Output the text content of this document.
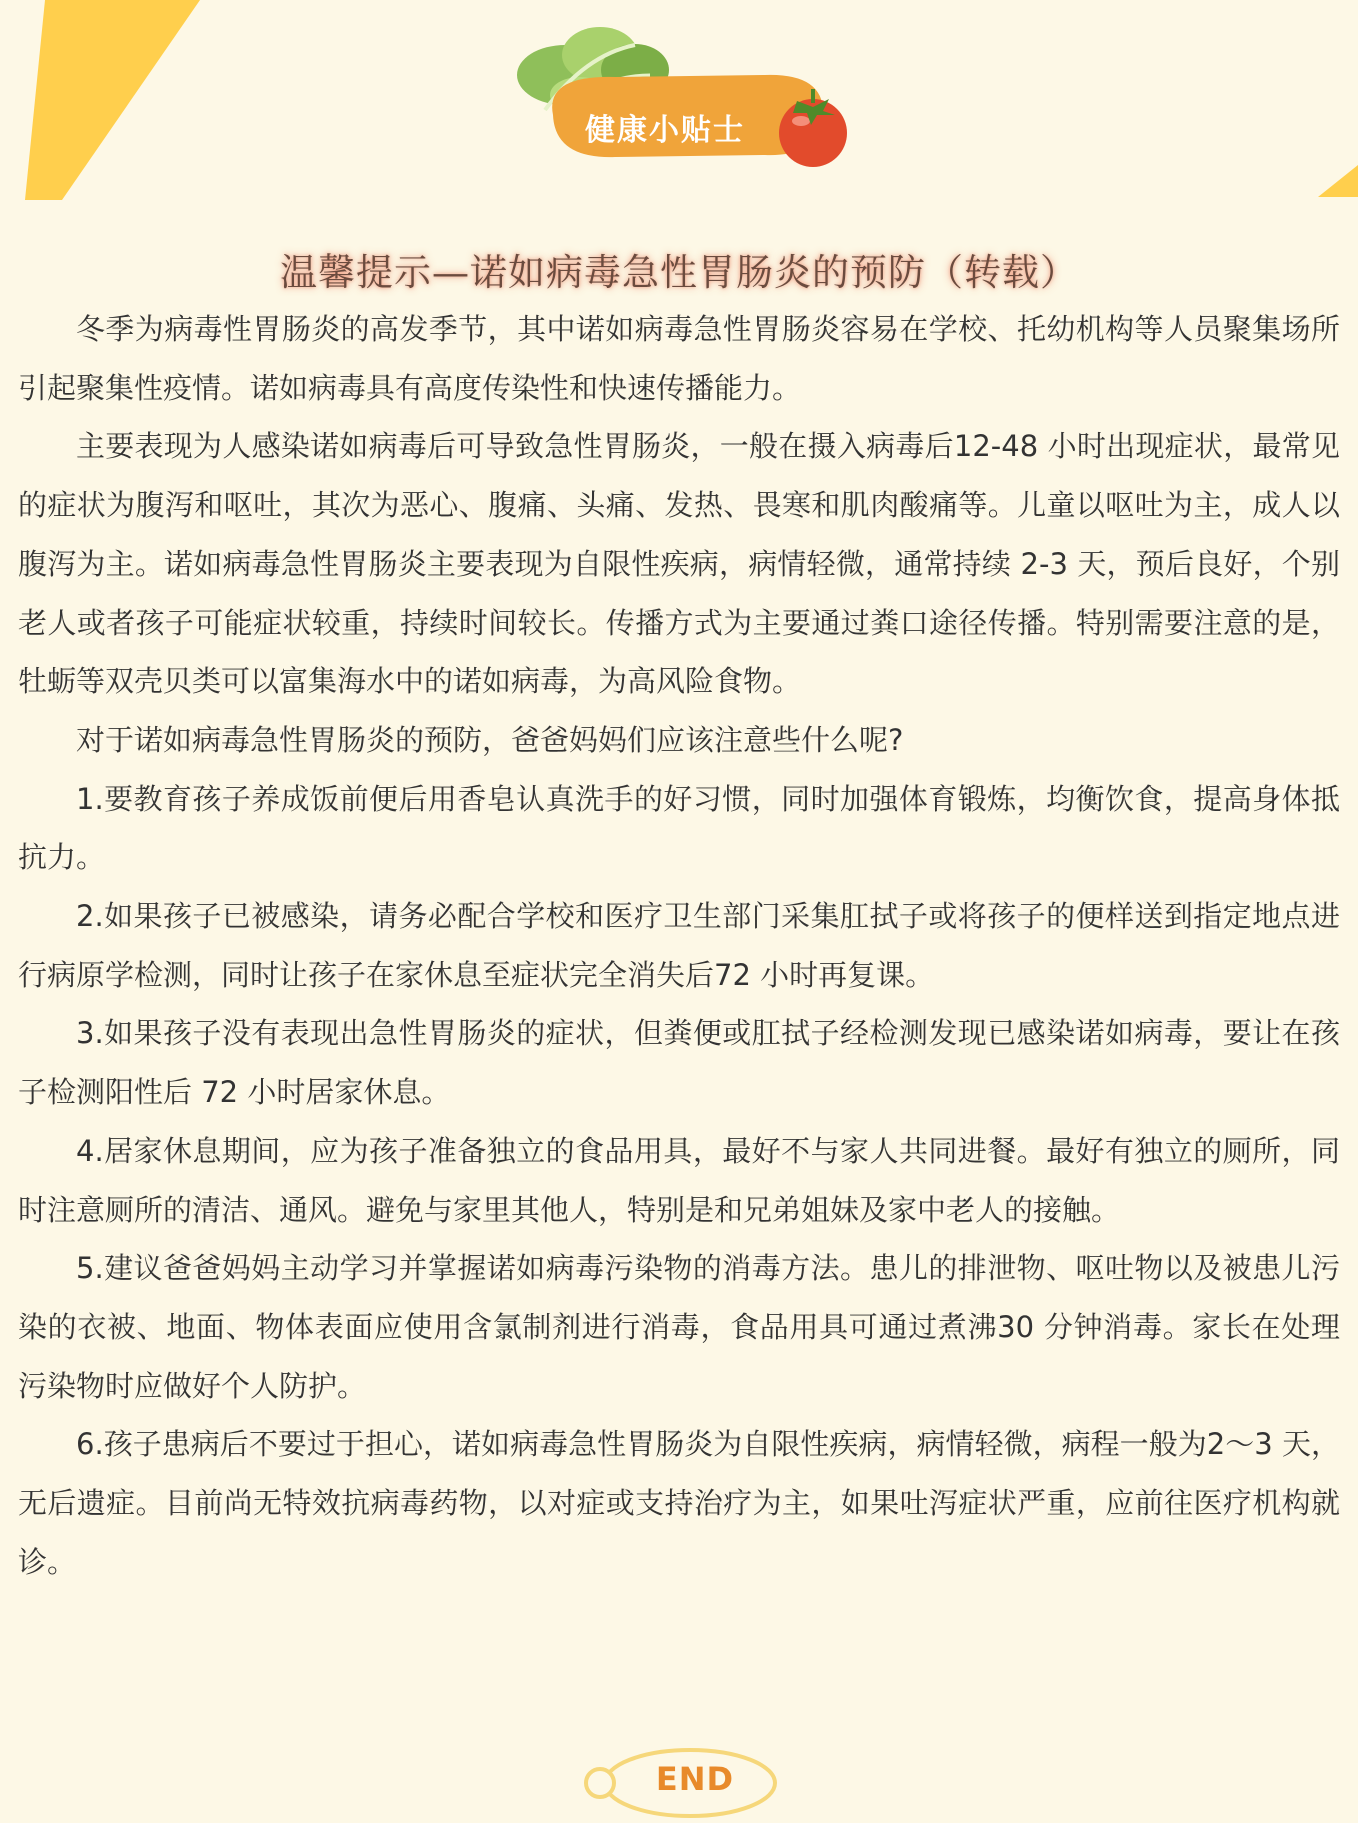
健康小贴士
温馨提示—诺如病毒急性胃肠炎的预防（转载）

冬季为病毒性胃肠炎的高发季节，其中诺如病毒急性胃肠炎容易在学校、托幼机构等人员聚集场所引起聚集性疫情。诺如病毒具有高度传染性和快速传播能力。

主要表现为人感染诺如病毒后可导致急性胃肠炎，一般在摄入病毒后12-48 小时出现症状，最常见的症状为腹泻和呕吐，其次为恶心、腹痛、头痛、发热、畏寒和肌肉酸痛等。儿童以呕吐为主，成人以腹泻为主。诺如病毒急性胃肠炎主要表现为自限性疾病，病情轻微，通常持续 2-3 天，预后良好，个别老人或者孩子可能症状较重，持续时间较长。传播方式为主要通过粪口途径传播。特别需要注意的是，牡蛎等双壳贝类可以富集海水中的诺如病毒，为高风险食物。

对于诺如病毒急性胃肠炎的预防，爸爸妈妈们应该注意些什么呢?

1.要教育孩子养成饭前便后用香皂认真洗手的好习惯，同时加强体育锻炼，均衡饮食，提高身体抵抗力。

2.如果孩子已被感染，请务必配合学校和医疗卫生部门采集肛拭子或将孩子的便样送到指定地点进行病原学检测，同时让孩子在家休息至症状完全消失后72 小时再复课。

3.如果孩子没有表现出急性胃肠炎的症状，但粪便或肛拭子经检测发现已感染诺如病毒，要让在孩子检测阳性后 72 小时居家休息。

4.居家休息期间，应为孩子准备独立的食品用具，最好不与家人共同进餐。最好有独立的厕所，同时注意厕所的清洁、通风。避免与家里其他人，特别是和兄弟姐妹及家中老人的接触。

5.建议爸爸妈妈主动学习并掌握诺如病毒污染物的消毒方法。患儿的排泄物、呕吐物以及被患儿污染的衣被、地面、物体表面应使用含氯制剂进行消毒，食品用具可通过煮沸30 分钟消毒。家长在处理污染物时应做好个人防护。

6.孩子患病后不要过于担心，诺如病毒急性胃肠炎为自限性疾病，病情轻微，病程一般为2～3 天，无后遗症。目前尚无特效抗病毒药物，以对症或支持治疗为主，如果吐泻症状严重，应前往医疗机构就诊。

END
